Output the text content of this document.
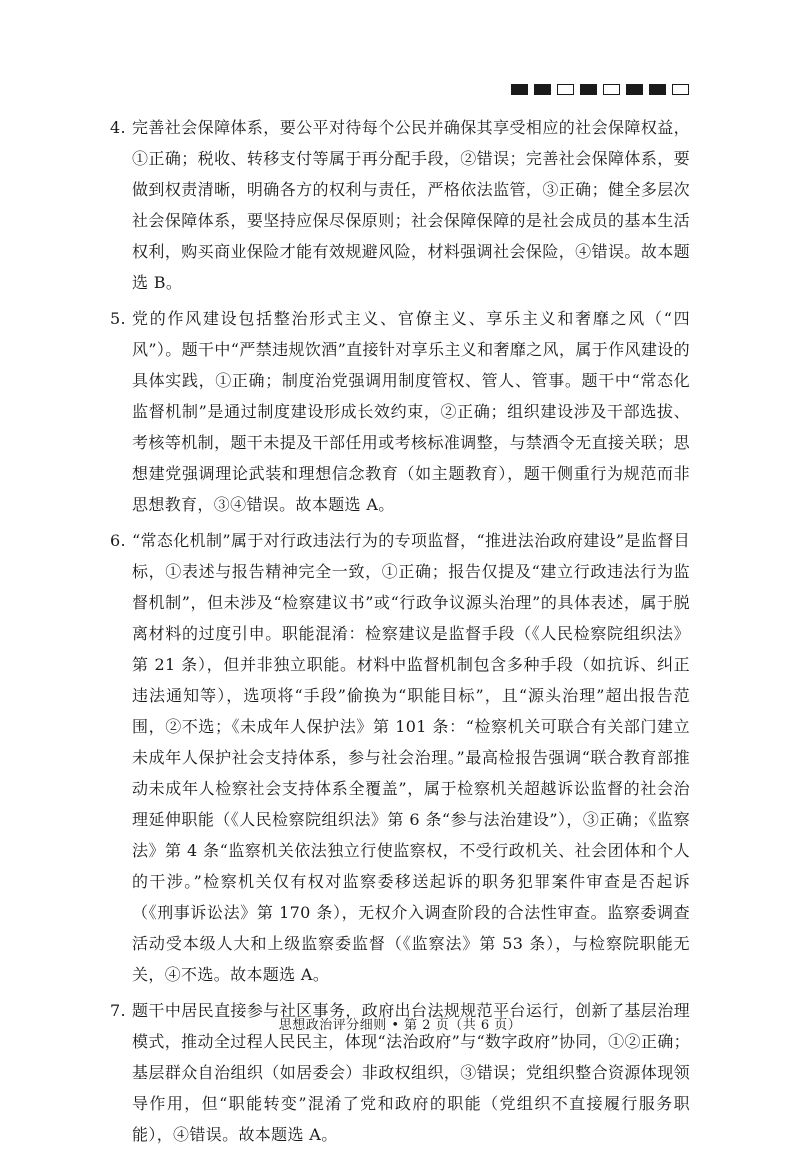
4. 完善社会保障体系，要公平对待每个公民并确保其享受相应的社会保障权益，①正确；税收、转移支付等属于再分配手段，②错误；完善社会保障体系，要做到权责清晰，明确各方的权利与责任，严格依法监管，③正确；健全多层次社会保障体系，要坚持应保尽保原则；社会保障保障的是社会成员的基本生活权利，购买商业保险才能有效规避风险，材料强调社会保险，④错误。故本题选 B。
5. 党的作风建设包括整治形式主义、官僚主义、享乐主义和奢靡之风（“四风”）。题干中“严禁违规饮酒”直接针对享乐主义和奢靡之风，属于作风建设的具体实践，①正确；制度治党强调用制度管权、管人、管事。题干中“常态化监督机制”是通过制度建设形成长效约束，②正确；组织建设涉及干部选拔、考核等机制，题干未提及干部任用或考核标准调整，与禁酒令无直接关联；思想建党强调理论武装和理想信念教育（如主题教育），题干侧重行为规范而非思想教育，③④错误。故本题选 A。
6. “常态化机制”属于对行政违法行为的专项监督，“推进法治政府建设”是监督目标，①表述与报告精神完全一致，①正确；报告仅提及“建立行政违法行为监督机制”，但未涉及“检察建议书”或“行政争议源头治理”的具体表述，属于脱离材料的过度引申。职能混淆：检察建议是监督手段（《人民检察院组织法》第 21 条），但并非独立职能。材料中监督机制包含多种手段（如抗诉、纠正违法通知等），选项将“手段”偷换为“职能目标”，且“源头治理”超出报告范围，②不选；《未成年人保护法》第 101 条：“检察机关可联合有关部门建立未成年人保护社会支持体系，参与社会治理。”最高检报告强调“联合教育部推动未成年人检察社会支持体系全覆盖”，属于检察机关超越诉讼监督的社会治理延伸职能（《人民检察院组织法》第 6 条“参与法治建设”），③正确；《监察法》第 4 条“监察机关依法独立行使监察权，不受行政机关、社会团体和个人的干涉。”检察机关仅有权对监察委移送起诉的职务犯罪案件审查是否起诉（《刑事诉讼法》第 170 条），无权介入调查阶段的合法性审查。监察委调查活动受本级人大和上级监察委监督（《监察法》第 53 条），与检察院职能无关，④不选。故本题选 A。
7. 题干中居民直接参与社区事务，政府出台法规规范平台运行，创新了基层治理模式，推动全过程人民民主，体现“法治政府”与“数字政府”协同，①②正确；基层群众自治组织（如居委会）非政权组织，③错误；党组织整合资源体现领导作用，但“职能转变”混淆了党和政府的职能（党组织不直接履行服务职能），④错误。故本题选 A。
思想政治评分细则 • 第 2 页（共 6 页）
